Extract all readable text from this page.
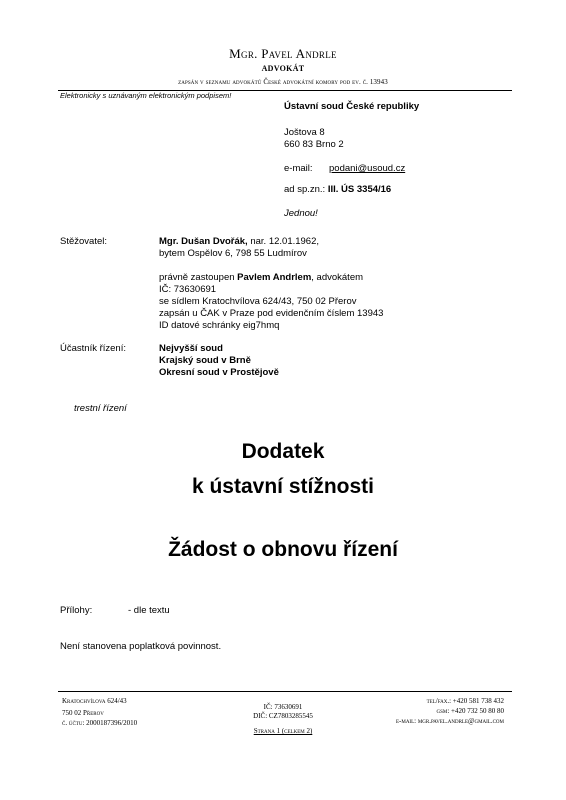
Mgr. Pavel Andrle
advokát
zapsán v seznamu advokátů České advokátní komory pod ev. č. 13943
Elektronicky s uznávaným elektronickým podpisem!
Ústavní soud České republiky
Joštova 8
660 83 Brno 2
e-mail: podani@usoud.cz
ad sp.zn.: III. ÚS 3354/16
Jednou!
Stěžovatel:	Mgr. Dušan Dvořák, nar. 12.01.1962,
bytem Ospělov 6, 798 55 Ludmírov
právně zastoupen Pavlem Andrlem, advokátem
IČ: 73630691
se sídlem Kratochvílova 624/43, 750 02 Přerov
zapsán u ČAK v Praze pod evidenčním číslem 13943
ID datové schránky eig7hmq
Účastník řízení:	Nejvyšší soud
Krajský soud v Brně
Okresní soud v Prostějově
trestní řízení
Dodatek
k ústavní stížnosti
Žádost o obnovu řízení
Přílohy:	- dle textu
Není stanovena poplatková povinnost.
Kratochvílova 624/43
750 02 Přerov
č. účtu: 2000187396/2010
IČ: 73630691
DIČ: CZ7803285545
Strana 1 (celkem 2)
tel/fax.: +420 581 738 432
gsm: +420 732 50 80 80
e-mail: mgr.pavel.andrle@gmail.com
